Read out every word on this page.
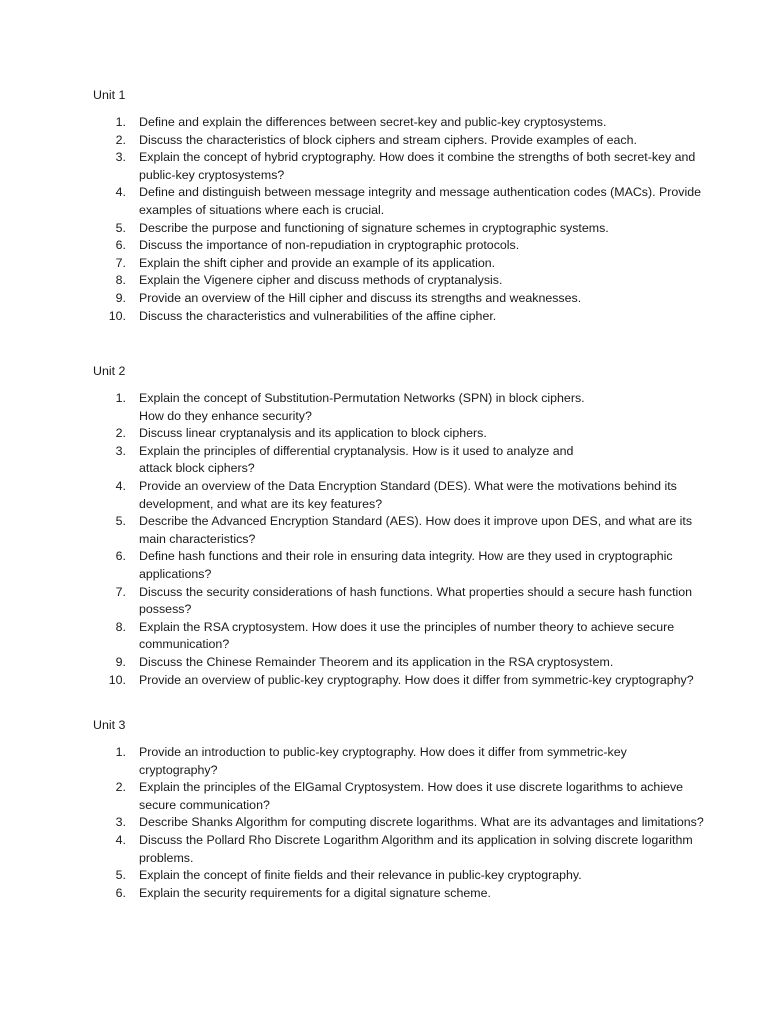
Unit 1
1. Define and explain the differences between secret-key and public-key cryptosystems.
2. Discuss the characteristics of block ciphers and stream ciphers. Provide examples of each.
3. Explain the concept of hybrid cryptography. How does it combine the strengths of both secret-key and public-key cryptosystems?
4. Define and distinguish between message integrity and message authentication codes (MACs). Provide examples of situations where each is crucial.
5. Describe the purpose and functioning of signature schemes in cryptographic systems.
6. Discuss the importance of non-repudiation in cryptographic protocols.
7. Explain the shift cipher and provide an example of its application.
8. Explain the Vigenere cipher and discuss methods of cryptanalysis.
9. Provide an overview of the Hill cipher and discuss its strengths and weaknesses.
10. Discuss the characteristics and vulnerabilities of the affine cipher.
Unit 2
1. Explain the concept of Substitution-Permutation Networks (SPN) in block ciphers. How do they enhance security?
2. Discuss linear cryptanalysis and its application to block ciphers.
3. Explain the principles of differential cryptanalysis. How is it used to analyze and attack block ciphers?
4. Provide an overview of the Data Encryption Standard (DES). What were the motivations behind its development, and what are its key features?
5. Describe the Advanced Encryption Standard (AES). How does it improve upon DES, and what are its main characteristics?
6. Define hash functions and their role in ensuring data integrity. How are they used in cryptographic applications?
7. Discuss the security considerations of hash functions. What properties should a secure hash function possess?
8. Explain the RSA cryptosystem. How does it use the principles of number theory to achieve secure communication?
9. Discuss the Chinese Remainder Theorem and its application in the RSA cryptosystem.
10. Provide an overview of public-key cryptography. How does it differ from symmetric-key cryptography?
Unit 3
1. Provide an introduction to public-key cryptography. How does it differ from symmetric-key cryptography?
2. Explain the principles of the ElGamal Cryptosystem. How does it use discrete logarithms to achieve secure communication?
3. Describe Shanks Algorithm for computing discrete logarithms. What are its advantages and limitations?
4. Discuss the Pollard Rho Discrete Logarithm Algorithm and its application in solving discrete logarithm problems.
5. Explain the concept of finite fields and their relevance in public-key cryptography.
6. Explain the security requirements for a digital signature scheme.
